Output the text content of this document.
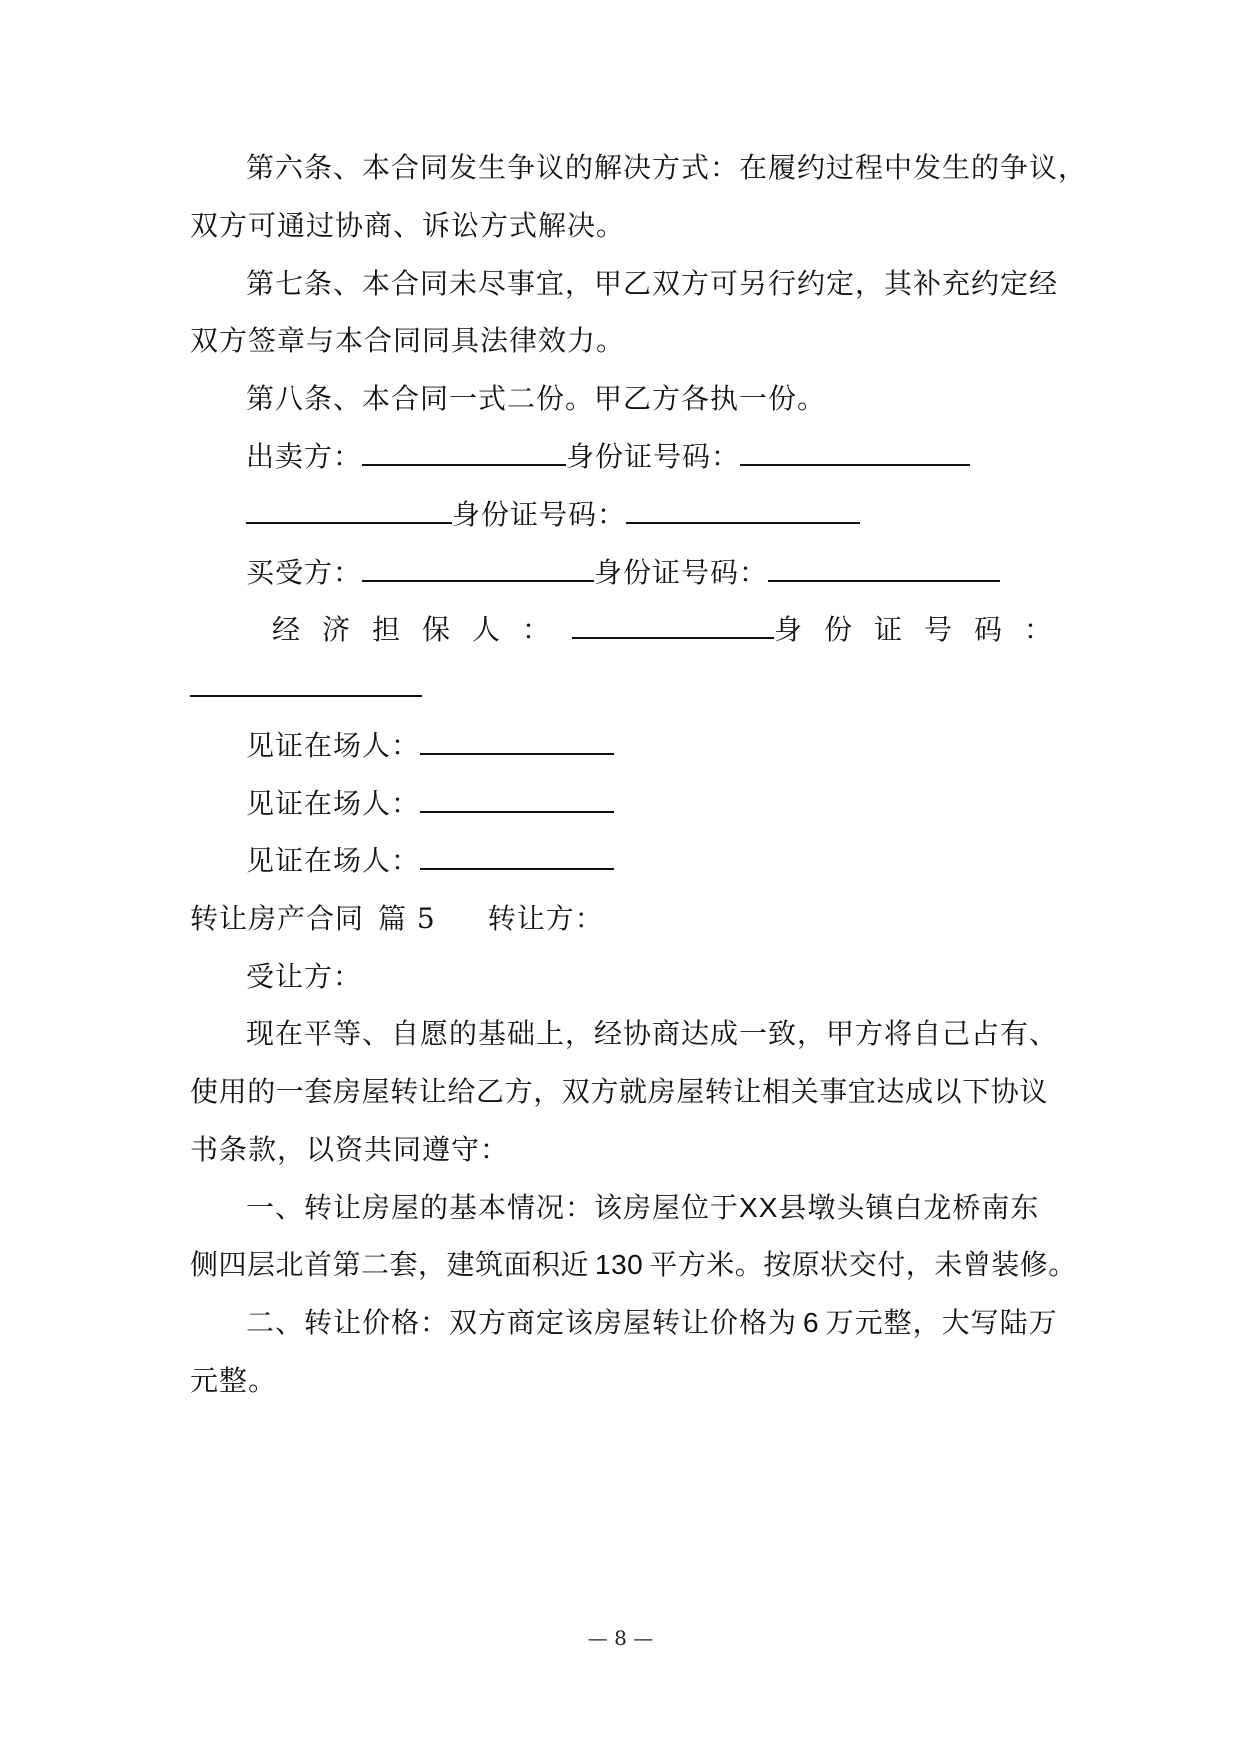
第六条、本合同发生争议的解决方式：在履约过程中发生的争议，
双方可通过协商、诉讼方式解决。
第七条、本合同未尽事宜，甲乙双方可另行约定，其补充约定经
双方签章与本合同同具法律效力。
第八条、本合同一式二份。甲乙方各执一份。
出卖方：	身份证号码：
身份证号码：
买受方：	身份证号码：
经济担保人：	身份证号码：
见证在场人：
见证在场人：
见证在场人：
转让房产合同 篇 5 转让方：
受让方：
现在平等、自愿的基础上，经协商达成一致，甲方将自己占有、
使用的一套房屋转让给乙方，双方就房屋转让相关事宜达成以下协议
书条款，以资共同遵守：
一、转让房屋的基本情况：该房屋位于XX县墩头镇白龙桥南东
侧四层北首第二套，建筑面积近 130 平方米。按原状交付，未曾装修。
二、转让价格：双方商定该房屋转让价格为 6 万元整，大写陆万
元整。
— 8 —
